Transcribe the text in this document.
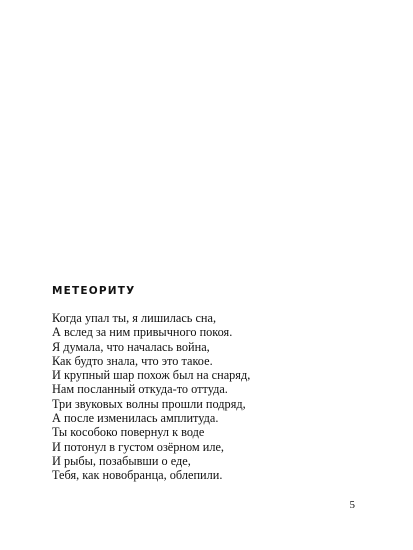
МЕТЕОРИТУ
Когда упал ты, я лишилась сна,
А вслед за ним привычного покоя.
Я думала, что началась война,
Как будто знала, что это такое.
И крупный шар похож был на снаряд,
Нам посланный откуда-то оттуда.
Три звуковых волны прошли подряд,
А после изменилась амплитуда.
Ты кособоко повернул к воде
И потонул в густом озёрном иле,
И рыбы, позабывши о еде,
Тебя, как новобранца, облепили.
5
